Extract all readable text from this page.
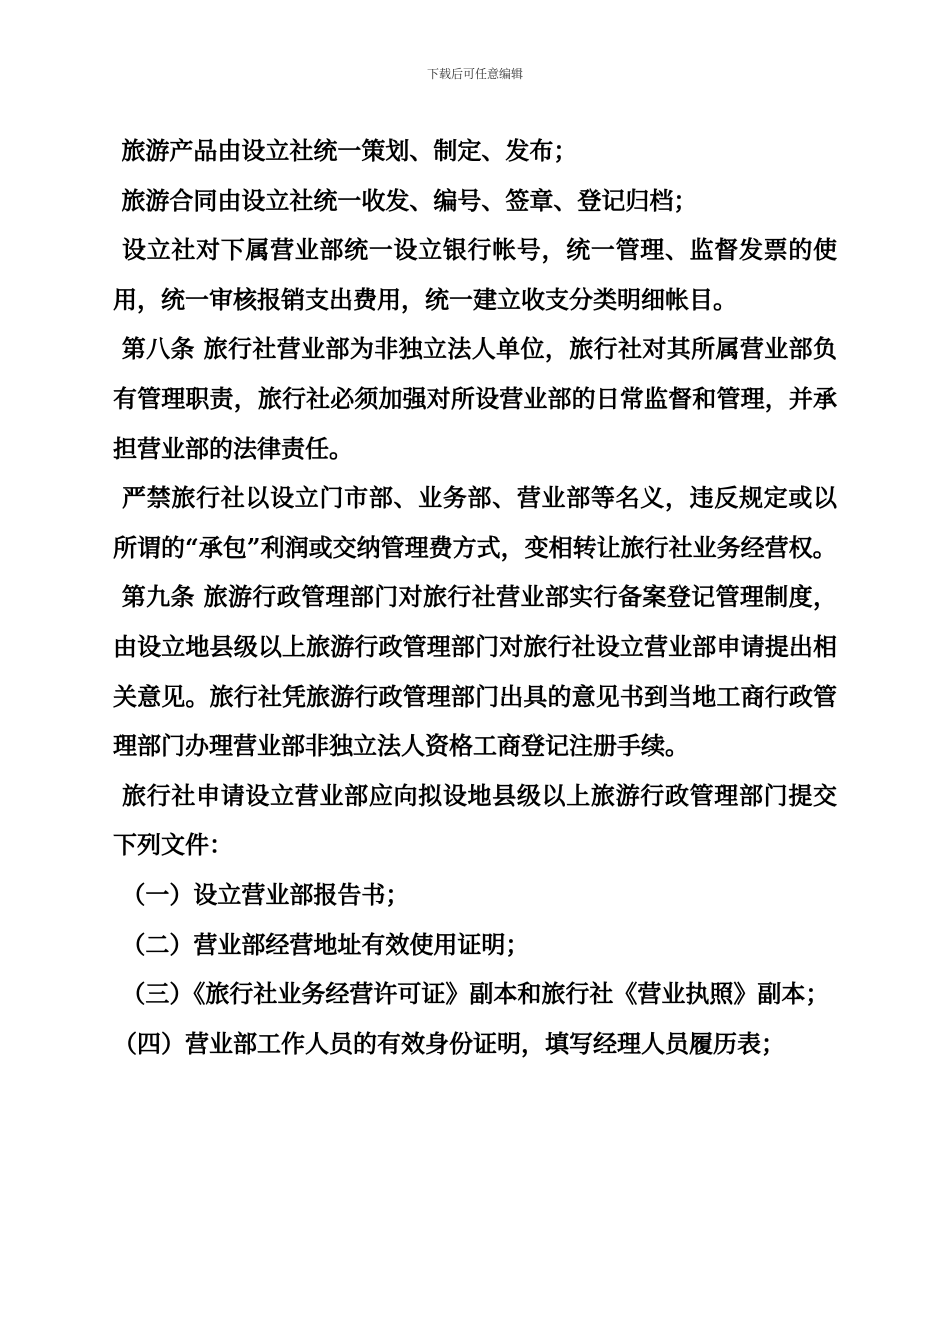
下载后可任意编辑

旅游产品由设立社统一策划、制定、发布；

旅游合同由设立社统一收发、编号、签章、登记归档；

设立社对下属营业部统一设立银行帐号，统一管理、监督发票的使用，统一审核报销支出费用，统一建立收支分类明细帐目。

第八条 旅行社营业部为非独立法人单位，旅行社对其所属营业部负有管理职责，旅行社必须加强对所设营业部的日常监督和管理，并承担营业部的法律责任。

严禁旅行社以设立门市部、业务部、营业部等名义，违反规定或以所谓的“承包”利润或交纳管理费方式，变相转让旅行社业务经营权。

第九条 旅游行政管理部门对旅行社营业部实行备案登记管理制度，由设立地县级以上旅游行政管理部门对旅行社设立营业部申请提出相关意见。旅行社凭旅游行政管理部门出具的意见书到当地工商行政管理部门办理营业部非独立法人资格工商登记注册手续。

旅行社申请设立营业部应向拟设地县级以上旅游行政管理部门提交下列文件：

（一）设立营业部报告书；

（二）营业部经营地址有效使用证明；

（三）《旅行社业务经营许可证》副本和旅行社《营业执照》副本；

（四）营业部工作人员的有效身份证明，填写经理人员履历表；
